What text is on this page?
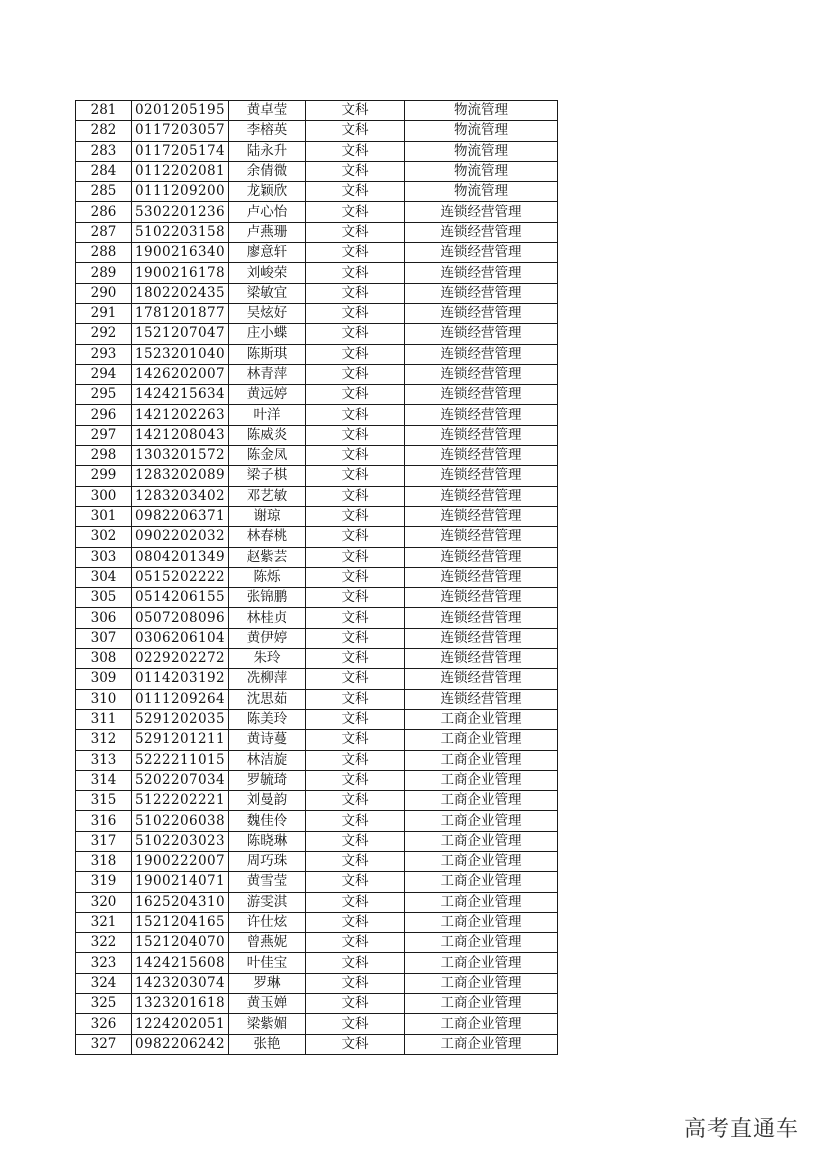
281	0201205195	黄卓莹	文科	物流管理
282	0117203057	李榕英	文科	物流管理
283	0117205174	陆永升	文科	物流管理
284	0112202081	余倩微	文科	物流管理
285	0111209200	龙颖欣	文科	物流管理
286	5302201236	卢心怡	文科	连锁经营管理
287	5102203158	卢燕珊	文科	连锁经营管理
288	1900216340	廖意轩	文科	连锁经营管理
289	1900216178	刘峻荣	文科	连锁经营管理
290	1802202435	梁敏宜	文科	连锁经营管理
291	1781201877	吴炫好	文科	连锁经营管理
292	1521207047	庄小蝶	文科	连锁经营管理
293	1523201040	陈斯琪	文科	连锁经营管理
294	1426202007	林青萍	文科	连锁经营管理
295	1424215634	黄远婷	文科	连锁经营管理
296	1421202263	叶洋	文科	连锁经营管理
297	1421208043	陈威炎	文科	连锁经营管理
298	1303201572	陈金凤	文科	连锁经营管理
299	1283202089	梁子棋	文科	连锁经营管理
300	1283203402	邓艺敏	文科	连锁经营管理
301	0982206371	谢琼	文科	连锁经营管理
302	0902202032	林春桃	文科	连锁经营管理
303	0804201349	赵紫芸	文科	连锁经营管理
304	0515202222	陈烁	文科	连锁经营管理
305	0514206155	张锦鹏	文科	连锁经营管理
306	0507208096	林桂贞	文科	连锁经营管理
307	0306206104	黄伊婷	文科	连锁经营管理
308	0229202272	朱玲	文科	连锁经营管理
309	0114203192	冼柳萍	文科	连锁经营管理
310	0111209264	沈思茹	文科	连锁经营管理
311	5291202035	陈美玲	文科	工商企业管理
312	5291201211	黄诗蔓	文科	工商企业管理
313	5222211015	林洁旋	文科	工商企业管理
314	5202207034	罗毓琦	文科	工商企业管理
315	5122202221	刘曼韵	文科	工商企业管理
316	5102206038	魏佳伶	文科	工商企业管理
317	5102203023	陈晓琳	文科	工商企业管理
318	1900222007	周巧珠	文科	工商企业管理
319	1900214071	黄雪莹	文科	工商企业管理
320	1625204310	游雯淇	文科	工商企业管理
321	1521204165	许仕炫	文科	工商企业管理
322	1521204070	曾燕妮	文科	工商企业管理
323	1424215608	叶佳宝	文科	工商企业管理
324	1423203074	罗琳	文科	工商企业管理
325	1323201618	黄玉婵	文科	工商企业管理
326	1224202051	梁紫媚	文科	工商企业管理
327	0982206242	张艳	文科	工商企业管理
高考直通车
